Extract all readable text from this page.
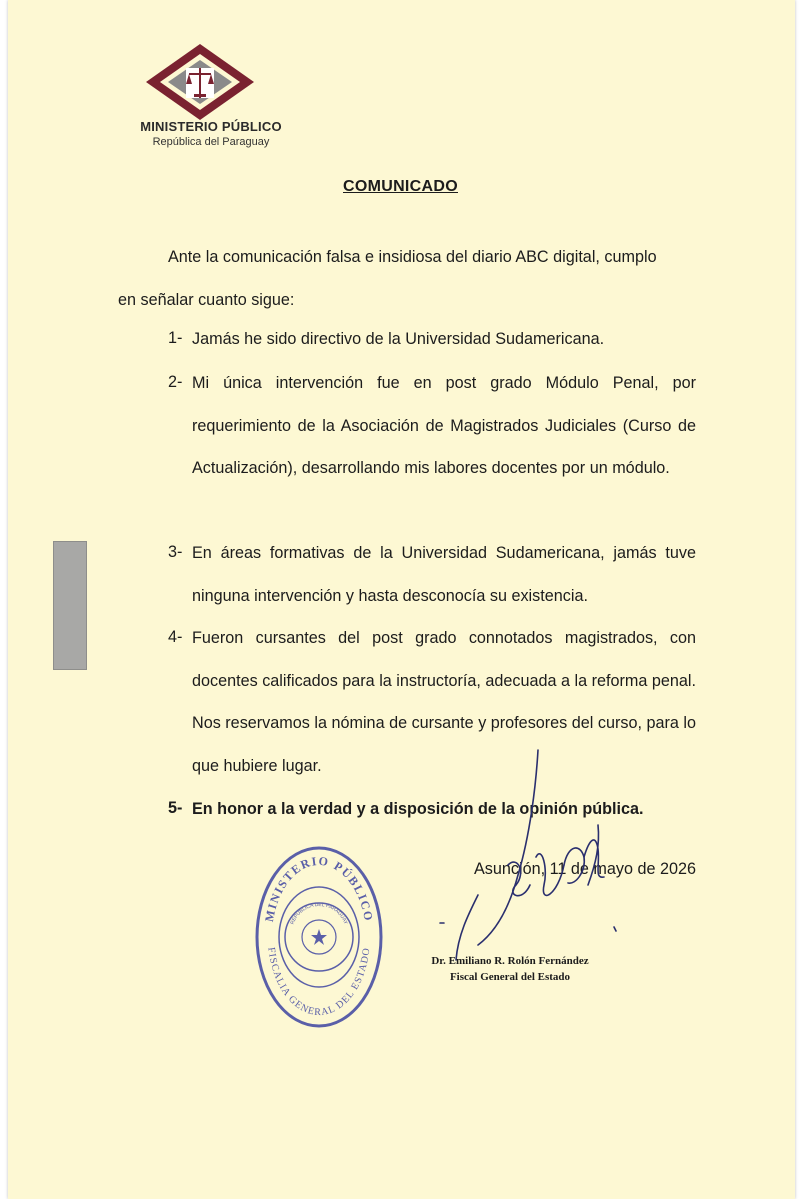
MINISTERIO PÚBLICO
República del Paraguay
COMUNICADO
Ante la comunicación falsa e insidiosa del diario ABC digital, cumplo
en señalar cuanto sigue:
1- Jamás he sido directivo de la Universidad Sudamericana.
2- Mi única intervención fue en post grado Módulo Penal, por requerimiento de la Asociación de Magistrados Judiciales (Curso de Actualización), desarrollando mis labores docentes por un módulo.
3- En áreas formativas de la Universidad Sudamericana, jamás tuve ninguna intervención y hasta desconocía su existencia.
4- Fueron cursantes del post grado connotados magistrados, con docentes calificados para la instructoría, adecuada a la reforma penal. Nos reservamos la nómina de cursante y profesores del curso, para lo que hubiere lugar.
5- En honor a la verdad y a disposición de la opinión pública.
Asunción, 11 de mayo de 2026
Dr. Emiliano R. Rolón Fernández
Fiscal General del Estado
MINISTERIO PÚBLICO
FISCALIA GENERAL DEL ESTADO
REPUBLICA DEL PARAGUAY
